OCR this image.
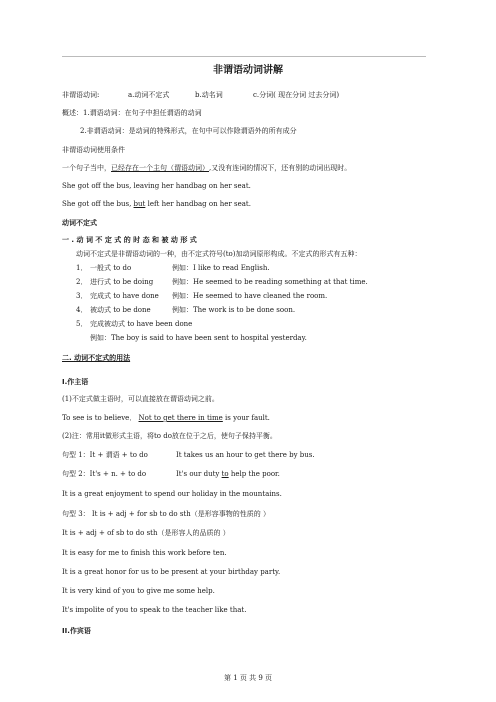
非谓语动词讲解
非谓语动词:	a.动词不定式	b.动名词	c.分词( 现在分词 过去分词)
概述：1.谓语动词：在句子中担任谓语的动词
2.非谓语动词：是动词的特殊形式，在句中可以作除谓语外的所有成分
非谓语动词使用条件
一个句子当中，已经存在一个主句（谓语动词）,又没有连词的情况下，还有别的动词出现时。
She got off the bus, leaving her handbag on her seat.
She got off the bus, but left her handbag on her seat.
动词不定式
一 . 动 词 不 定 式 的 时 态 和 被 动 形 式
动词不定式是非谓语动词的一种，由不定式符号(to)加动词原形构成。不定式的形式有五种：
1． 一般式 to do	例如：I like to read English.
2． 进行式 to be doing	例如：He seemed to be reading something at that time.
3． 完成式 to have done 例如：He seemed to have cleaned the room.
4． 被动式 to be done	例如：The work is to be done soon.
5． 完成被动式 to have been done
例如：The boy is said to have been sent to hospital yesterday.
二. 动词不定式的用法
I.作主语
(1)不定式做主语时，可以直接放在谓语动词之前。
To see is to believe． Not to get there in time is your fault.
(2)注：常用it做形式主语，将to do放在位于之后，使句子保持平衡。
句型 1：It + 谓语 + to do	It takes us an hour to get there by bus.
句型 2：It's + n. + to do	It's our duty to help the poor.
It is a great enjoyment to spend our holiday in the mountains.
句型 3： It is + adj + for sb to do sth（是形容事物的性质的 ）
It is + adj + of sb to do sth（是形容人的品质的 ）
It is easy for me to finish this work before ten.
It is a great honor for us to be present at your birthday party.
It is very kind of you to give me some help.
It's impolite of you to speak to the teacher like that.
II.作宾语
第 1 页 共 9 页
